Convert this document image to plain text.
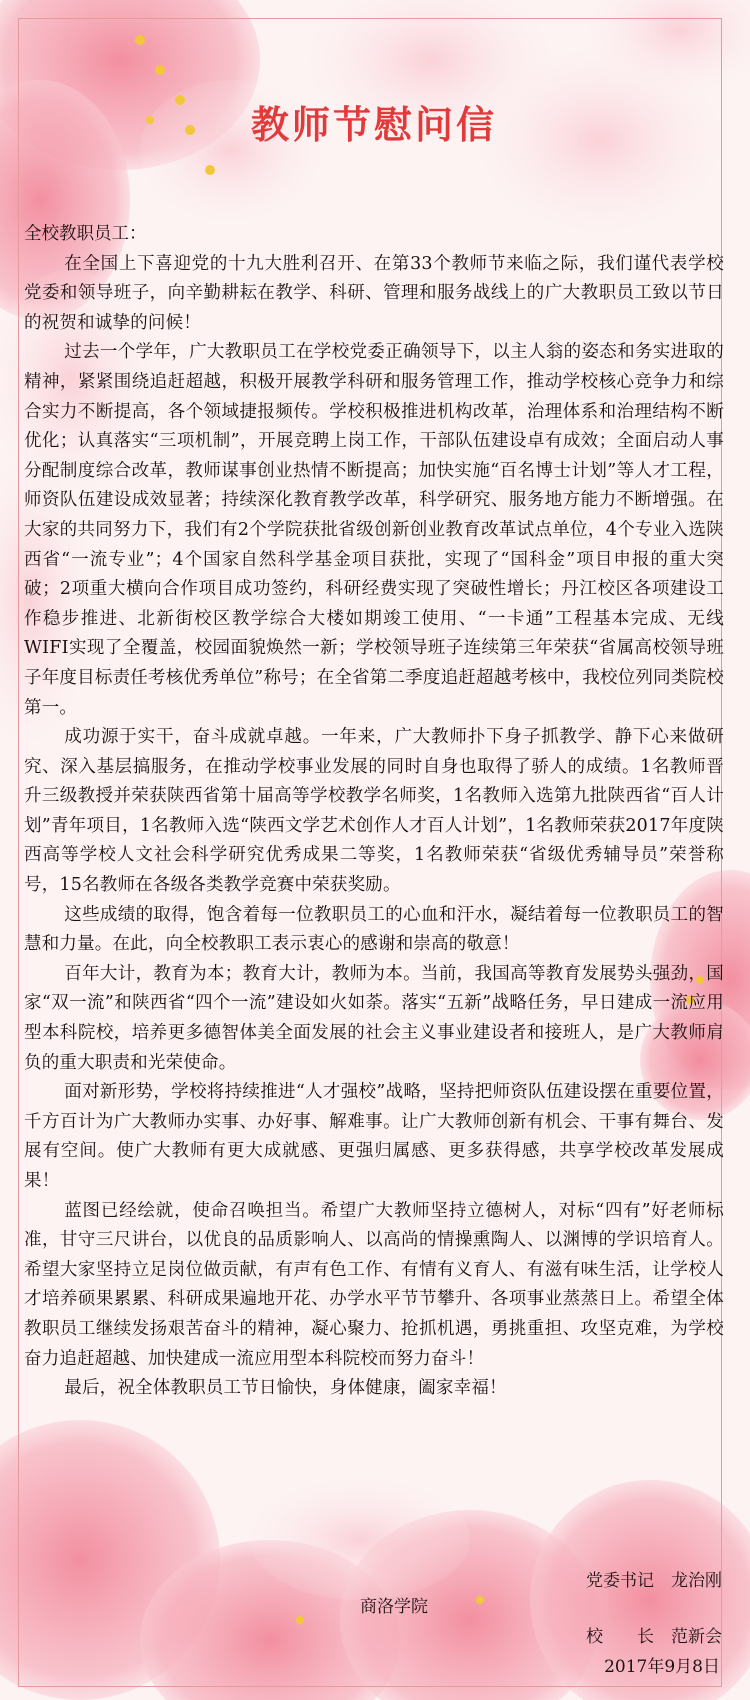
教师节慰问信

全校教职员工：

在全国上下喜迎党的十九大胜利召开、在第33个教师节来临之际，我们谨代表学校党委和领导班子，向辛勤耕耘在教学、科研、管理和服务战线上的广大教职员工致以节日的祝贺和诚挚的问候！

过去一个学年，广大教职员工在学校党委正确领导下，以主人翁的姿态和务实进取的精神，紧紧围绕追赶超越，积极开展教学科研和服务管理工作，推动学校核心竞争力和综合实力不断提高，各个领域捷报频传。学校积极推进机构改革，治理体系和治理结构不断优化；认真落实“三项机制”，开展竞聘上岗工作，干部队伍建设卓有成效；全面启动人事分配制度综合改革，教师谋事创业热情不断提高；加快实施“百名博士计划”等人才工程，师资队伍建设成效显著；持续深化教育教学改革，科学研究、服务地方能力不断增强。在大家的共同努力下，我们有2个学院获批省级创新创业教育改革试点单位，4个专业入选陕西省“一流专业”；4个国家自然科学基金项目获批，实现了“国科金”项目申报的重大突破；2项重大横向合作项目成功签约，科研经费实现了突破性增长；丹江校区各项建设工作稳步推进、北新街校区教学综合大楼如期竣工使用、“一卡通”工程基本完成、无线WIFI实现了全覆盖，校园面貌焕然一新；学校领导班子连续第三年荣获“省属高校领导班子年度目标责任考核优秀单位”称号；在全省第二季度追赶超越考核中，我校位列同类院校第一。

成功源于实干，奋斗成就卓越。一年来，广大教师扑下身子抓教学、静下心来做研究、深入基层搞服务，在推动学校事业发展的同时自身也取得了骄人的成绩。1名教师晋升三级教授并荣获陕西省第十届高等学校教学名师奖，1名教师入选第九批陕西省“百人计划”青年项目，1名教师入选“陕西文学艺术创作人才百人计划”，1名教师荣获2017年度陕西高等学校人文社会科学研究优秀成果二等奖，1名教师荣获“省级优秀辅导员”荣誉称号，15名教师在各级各类教学竞赛中荣获奖励。

这些成绩的取得，饱含着每一位教职员工的心血和汗水，凝结着每一位教职员工的智慧和力量。在此，向全校教职工表示衷心的感谢和崇高的敬意！

百年大计，教育为本；教育大计，教师为本。当前，我国高等教育发展势头强劲，国家“双一流”和陕西省“四个一流”建设如火如荼。落实“五新”战略任务，早日建成一流应用型本科院校，培养更多德智体美全面发展的社会主义事业建设者和接班人，是广大教师肩负的重大职责和光荣使命。

面对新形势，学校将持续推进“人才强校”战略，坚持把师资队伍建设摆在重要位置，千方百计为广大教师办实事、办好事、解难事。让广大教师创新有机会、干事有舞台、发展有空间。使广大教师有更大成就感、更强归属感、更多获得感，共享学校改革发展成果！

蓝图已经绘就，使命召唤担当。希望广大教师坚持立德树人，对标“四有”好老师标准，甘守三尺讲台，以优良的品质影响人、以高尚的情操熏陶人、以渊博的学识培育人。希望大家坚持立足岗位做贡献，有声有色工作、有情有义育人、有滋有味生活，让学校人才培养硕果累累、科研成果遍地开花、办学水平节节攀升、各项事业蒸蒸日上。希望全体教职员工继续发扬艰苦奋斗的精神，凝心聚力、抢抓机遇，勇挑重担、攻坚克难，为学校奋力追赶超越、加快建成一流应用型本科院校而努力奋斗！

最后，祝全体教职员工节日愉快，身体健康，阖家幸福！

党委书记　龙治刚
商洛学院
校　　长　范新会
2017年9月8日
